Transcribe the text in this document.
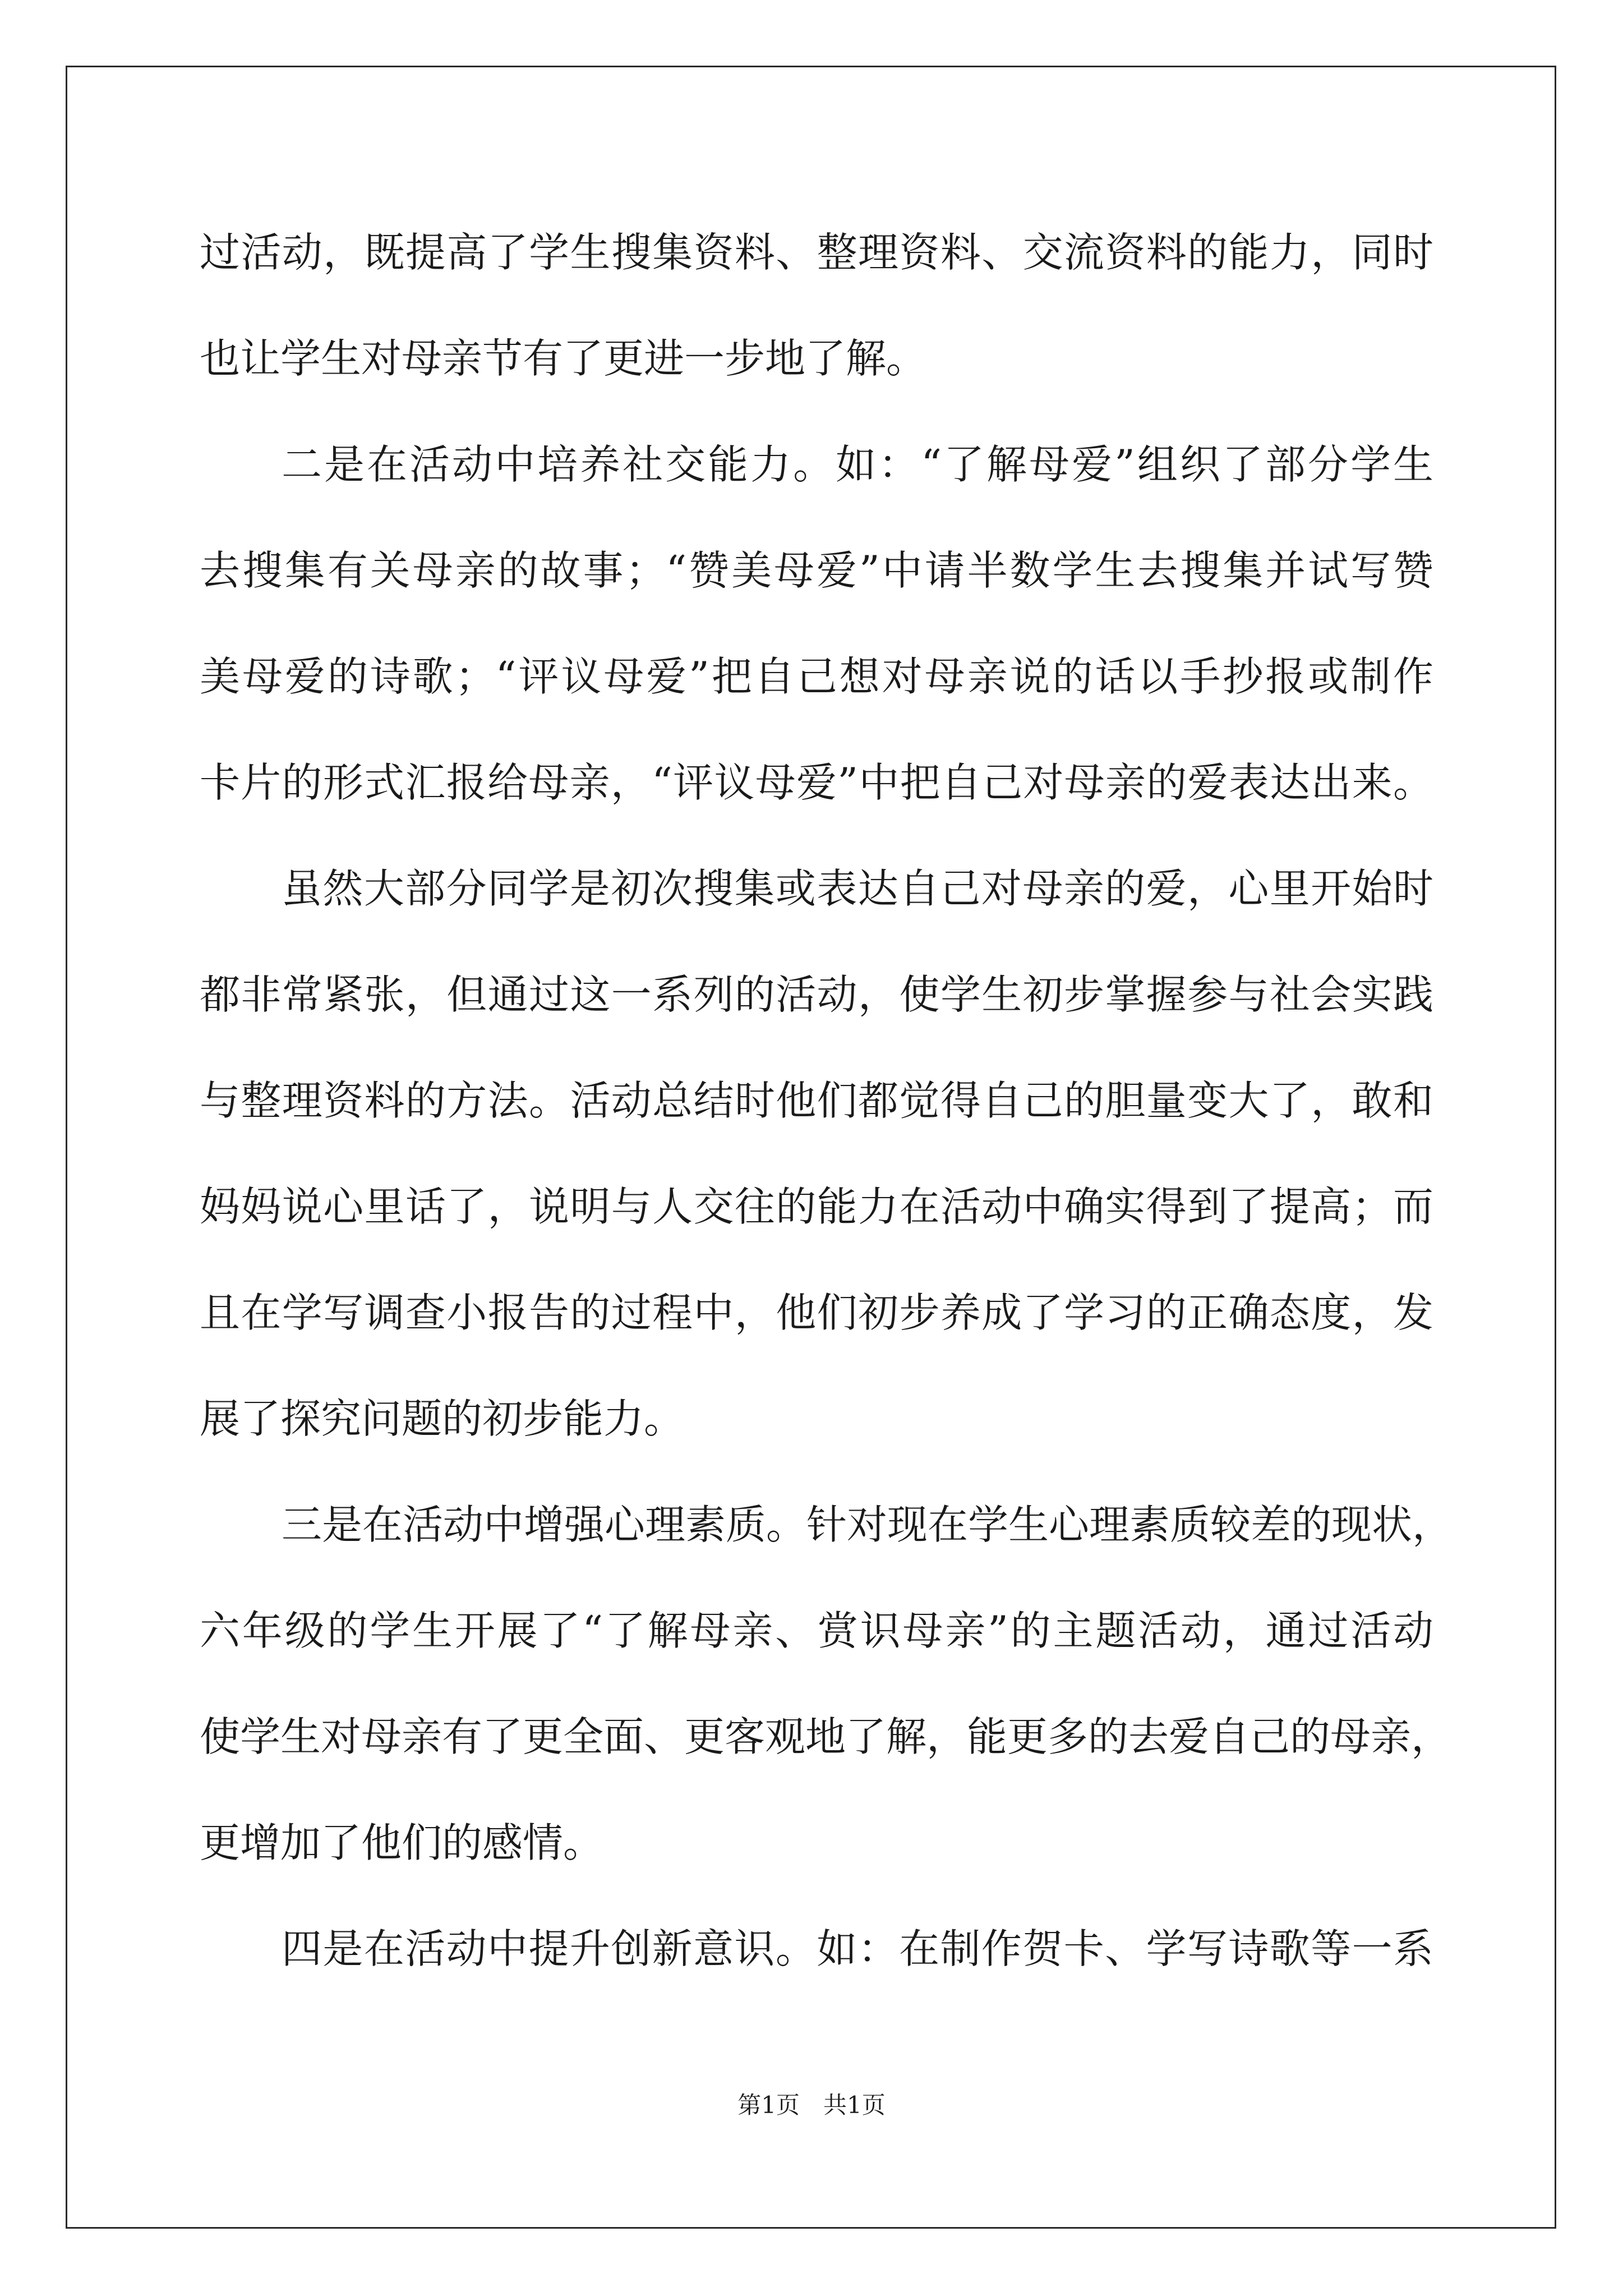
过活动，既提高了学生搜集资料、整理资料、交流资料的能力，同时
也让学生对母亲节有了更进一步地了解。
二是在活动中培养社交能力。如：“了解母爱”组织了部分学生
去搜集有关母亲的故事；“赞美母爱”中请半数学生去搜集并试写赞
美母爱的诗歌；“评议母爱”把自己想对母亲说的话以手抄报或制作
卡片的形式汇报给母亲，“评议母爱”中把自己对母亲的爱表达出来。
虽然大部分同学是初次搜集或表达自己对母亲的爱，心里开始时
都非常紧张，但通过这一系列的活动，使学生初步掌握参与社会实践
与整理资料的方法。活动总结时他们都觉得自己的胆量变大了，敢和
妈妈说心里话了，说明与人交往的能力在活动中确实得到了提高；而
且在学写调查小报告的过程中，他们初步养成了学习的正确态度，发
展了探究问题的初步能力。
三是在活动中增强心理素质。针对现在学生心理素质较差的现状，
六年级的学生开展了“了解母亲、赏识母亲”的主题活动，通过活动
使学生对母亲有了更全面、更客观地了解，能更多的去爱自己的母亲，
更增加了他们的感情。
四是在活动中提升创新意识。如：在制作贺卡、学写诗歌等一系
第1页　共1页
